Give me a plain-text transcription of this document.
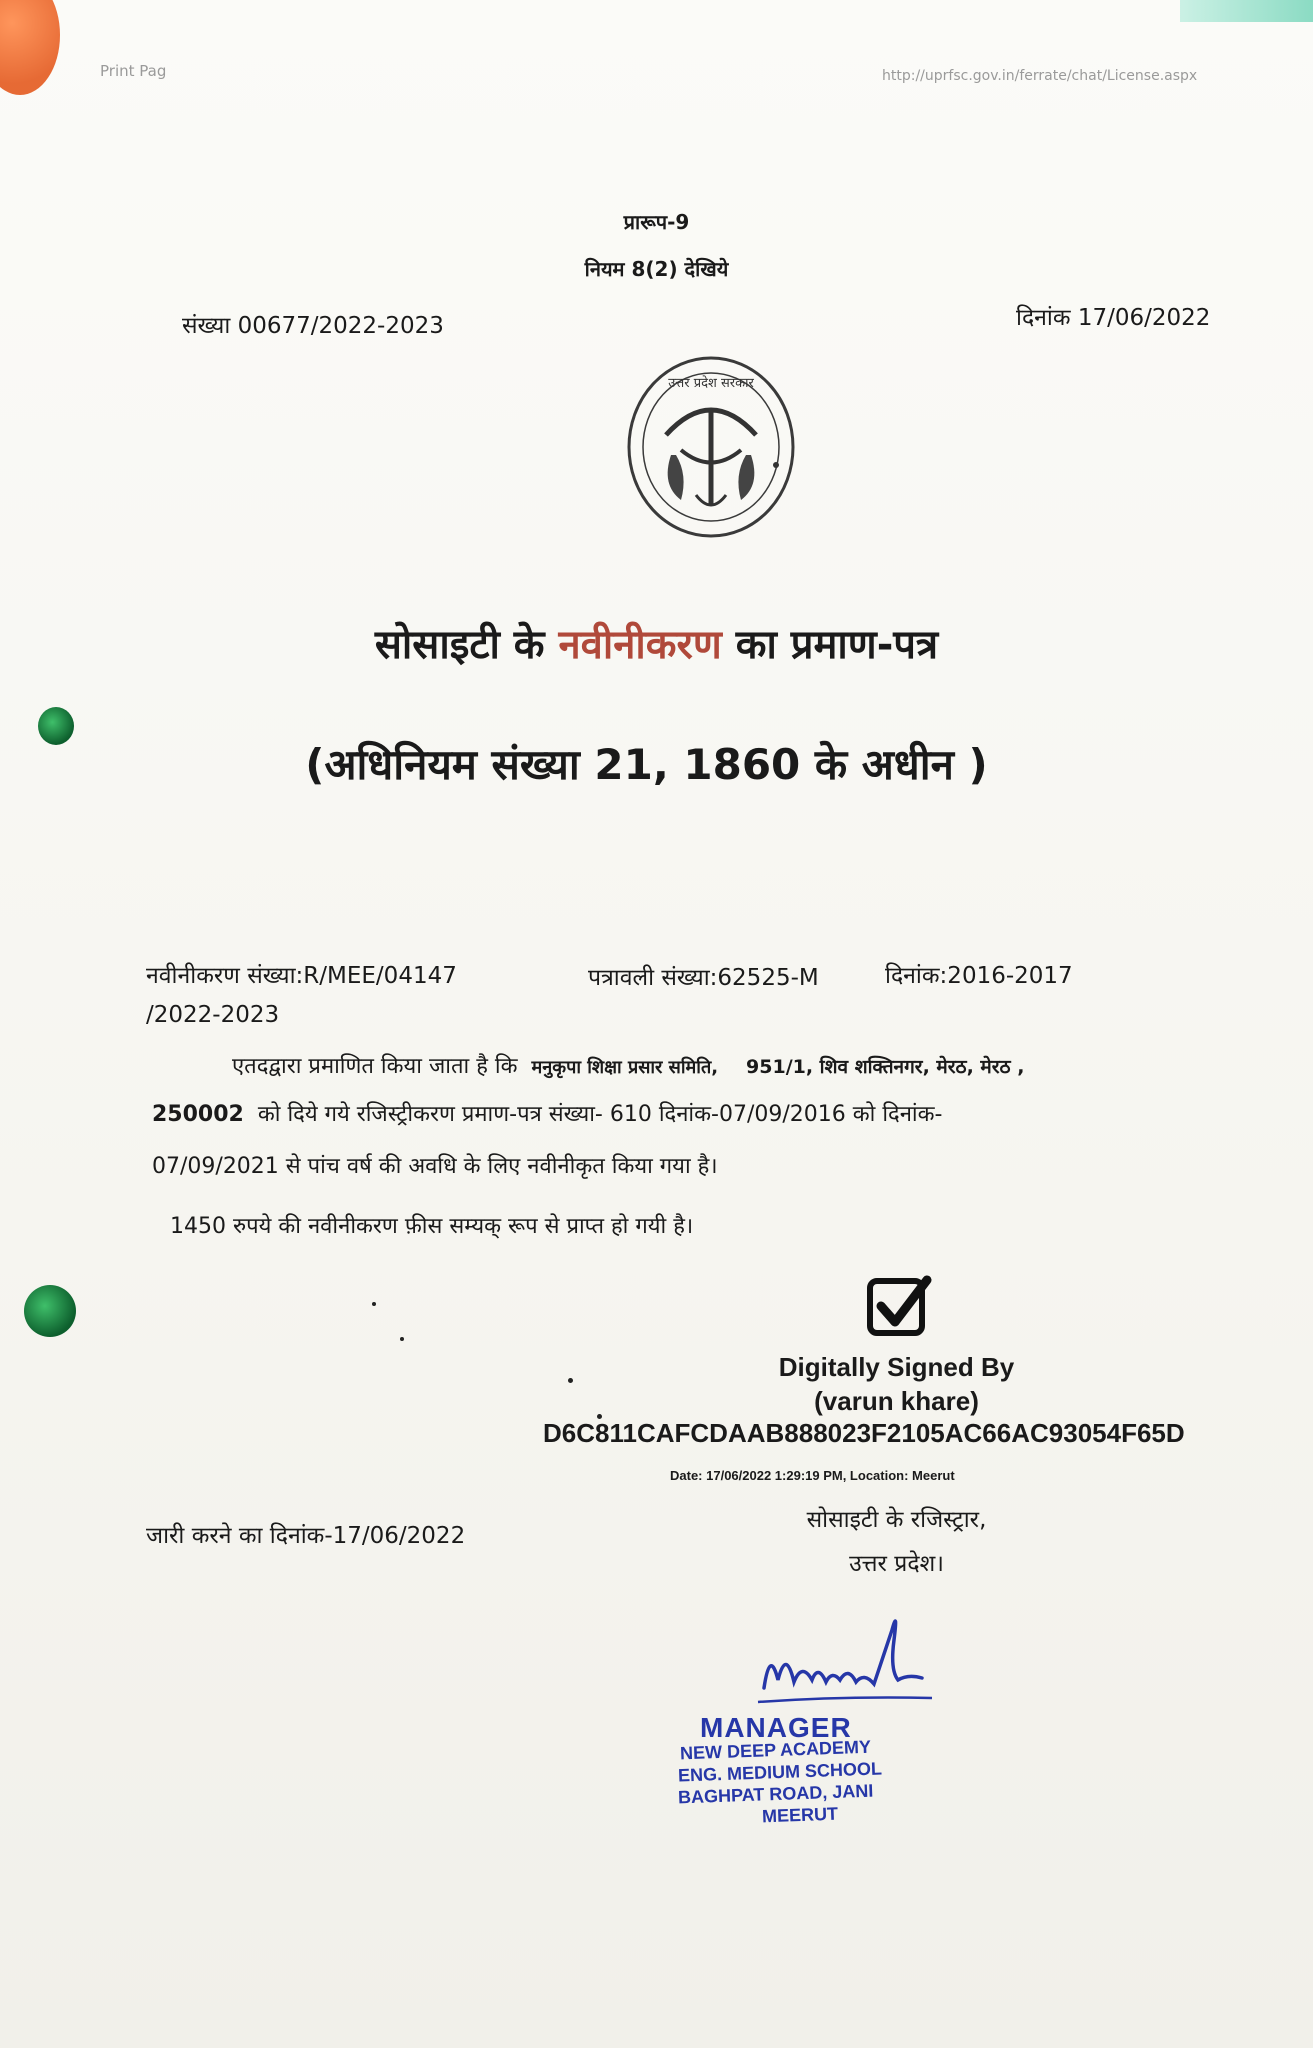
Print Pag	http://uprfsc.gov.in/ferrate/chat/License.aspx
प्रारूप-9
नियम 8(2) देखिये
संख्या 00677/2022-2023	दिनांक 17/06/2022
उत्तर प्रदेश सरकार
सोसाइटी के नवीनीकरण का प्रमाण-पत्र
(अधिनियम संख्या 21, 1860 के अधीन )
नवीनीकरण संख्या:R/MEE/04147
/2022-2023
पत्रावली संख्या:62525-M	दिनांक:2016-2017
एतदद्वारा प्रमाणित किया जाता है कि मनुकृपा शिक्षा प्रसार समिति, 951/1, शिव शक्तिनगर, मेरठ, मेरठ ,
250002 को दिये गये रजिस्ट्रीकरण प्रमाण-पत्र संख्या- 610 दिनांक-07/09/2016 को दिनांक-
07/09/2021 से पांच वर्ष की अवधि के लिए नवीनीकृत किया गया है।
1450 रुपये की नवीनीकरण फ़ीस सम्यक् रूप से प्राप्त हो गयी है।
Digitally Signed By
(varun khare)
D6C811CAFCDAAB888023F2105AC66AC93054F65D
Date: 17/06/2022 1:29:19 PM, Location: Meerut
सोसाइटी के रजिस्ट्रार,
उत्तर प्रदेश।
जारी करने का दिनांक-17/06/2022
MANAGER
NEW DEEP ACADEMY
ENG. MEDIUM SCHOOL
BAGHPAT ROAD, JANI
MEERUT
